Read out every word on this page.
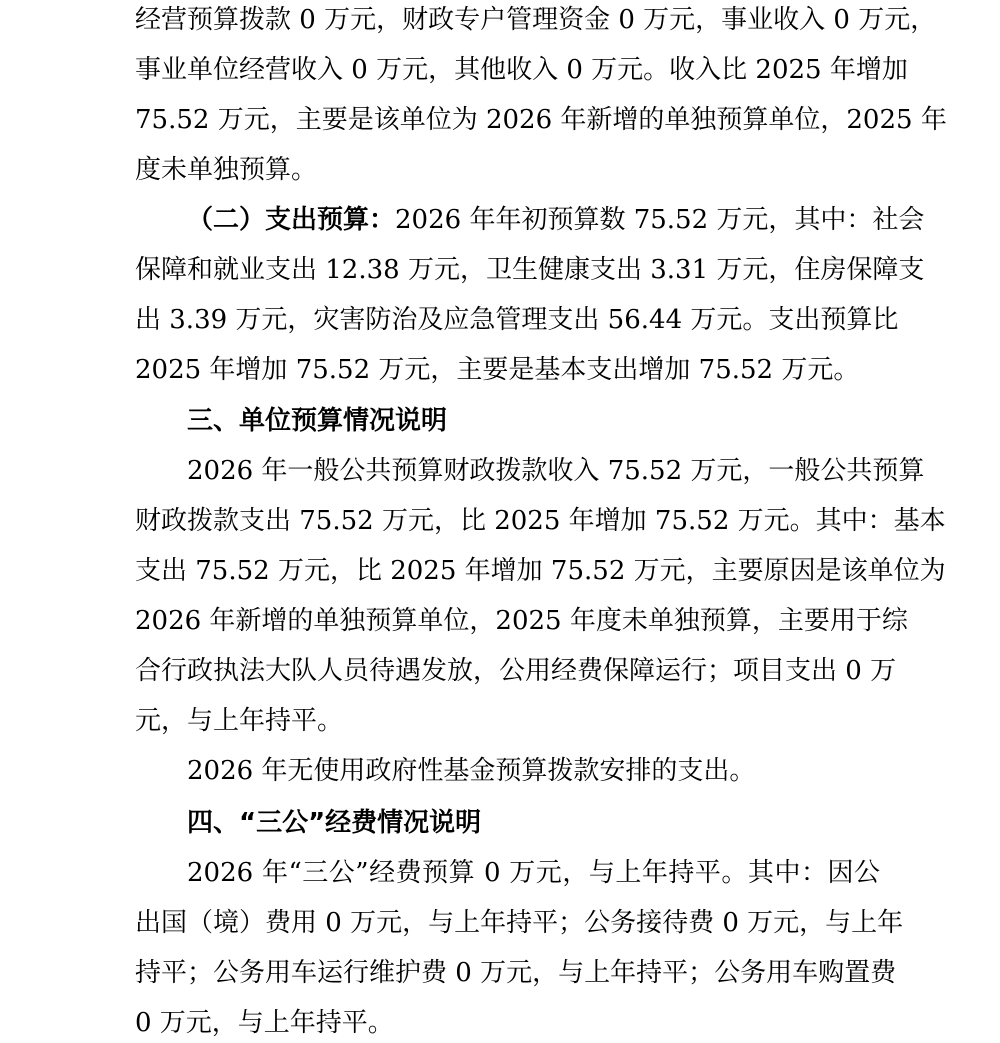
经营预算拨款 0 万元，财政专户管理资金 0 万元，事业收入 0 万元，

事业单位经营收入 0 万元，其他收入 0 万元。收入比 2025 年增加

75.52 万元，主要是该单位为 2026 年新增的单独预算单位，2025 年

度未单独预算。

（二）支出预算：2026 年年初预算数 75.52 万元，其中：社会

保障和就业支出 12.38 万元，卫生健康支出 3.31 万元，住房保障支

出 3.39 万元，灾害防治及应急管理支出 56.44 万元。支出预算比

2025 年增加 75.52 万元，主要是基本支出增加 75.52 万元。

三、单位预算情况说明

2026 年一般公共预算财政拨款收入 75.52 万元，一般公共预算

财政拨款支出 75.52 万元，比 2025 年增加 75.52 万元。其中：基本

支出 75.52 万元，比 2025 年增加 75.52 万元，主要原因是该单位为

2026 年新增的单独预算单位，2025 年度未单独预算，主要用于综

合行政执法大队人员待遇发放，公用经费保障运行；项目支出 0 万

元，与上年持平。

2026 年无使用政府性基金预算拨款安排的支出。

四、“三公”经费情况说明

2026 年“三公”经费预算 0 万元，与上年持平。其中：因公

出国（境）费用 0 万元，与上年持平；公务接待费 0 万元，与上年

持平；公务用车运行维护费 0 万元，与上年持平；公务用车购置费

0 万元，与上年持平。
